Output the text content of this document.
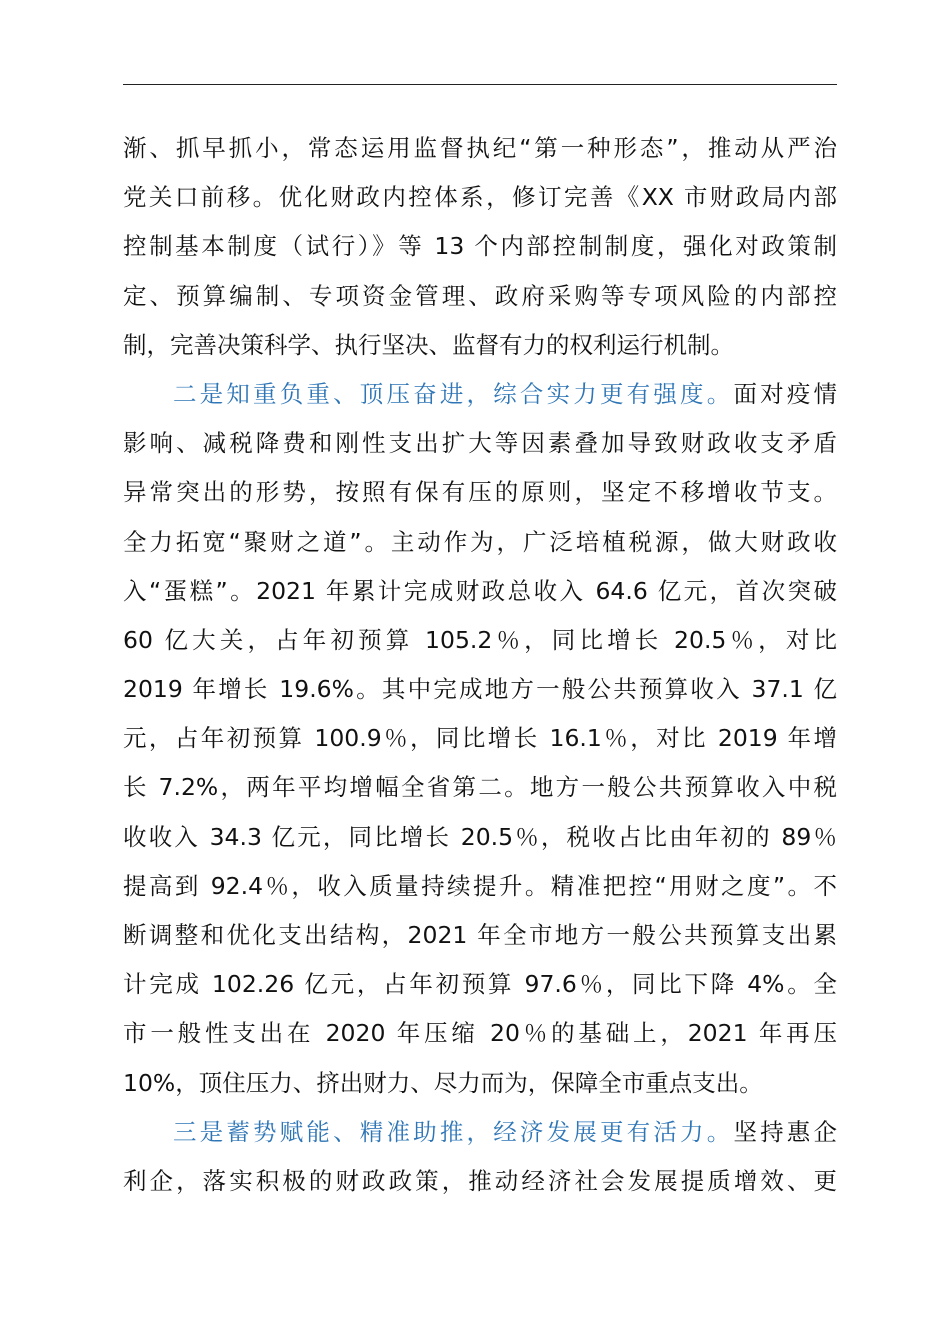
渐、抓早抓小，常态运用监督执纪“第一种形态”，推动从严治
党关口前移。优化财政内控体系，修订完善《XX 市财政局内部
控制基本制度（试行）》等 13 个内部控制制度，强化对政策制
定、预算编制、专项资金管理、政府采购等专项风险的内部控
制，完善决策科学、执行坚决、监督有力的权利运行机制。
二是知重负重、顶压奋进，综合实力更有强度。面对疫情
影响、减税降费和刚性支出扩大等因素叠加导致财政收支矛盾
异常突出的形势，按照有保有压的原则，坚定不移增收节支。
全力拓宽“聚财之道”。主动作为，广泛培植税源，做大财政收
入“蛋糕”。2021 年累计完成财政总收入 64.6 亿元，首次突破
60 亿大关，占年初预算 105.2％，同比增长 20.5％，对比
2019 年增长 19.6%。其中完成地方一般公共预算收入 37.1 亿
元，占年初预算 100.9％，同比增长 16.1％，对比 2019 年增
长 7.2%，两年平均增幅全省第二。地方一般公共预算收入中税
收收入 34.3 亿元，同比增长 20.5％，税收占比由年初的 89％
提高到 92.4％，收入质量持续提升。精准把控“用财之度”。不
断调整和优化支出结构，2021 年全市地方一般公共预算支出累
计完成 102.26 亿元，占年初预算 97.6％，同比下降 4%。全
市一般性支出在 2020 年压缩 20％的基础上，2021 年再压
10%，顶住压力、挤出财力、尽力而为，保障全市重点支出。
三是蓄势赋能、精准助推，经济发展更有活力。坚持惠企
利企，落实积极的财政政策，推动经济社会发展提质增效、更
